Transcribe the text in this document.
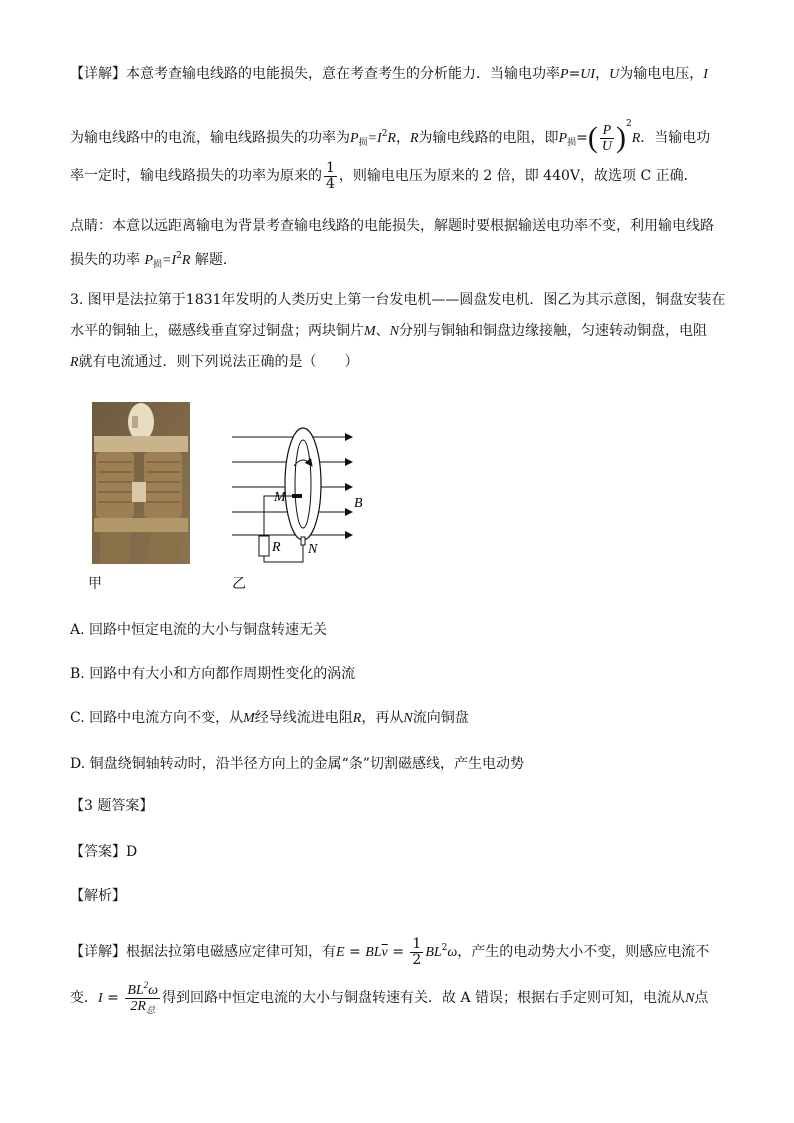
【详解】本意考查输电线路的电能损失，意在考查考生的分析能力．当输电功率P=UI，U为输电电压，I
为输电线路中的电流，输电线路损失的功率为$P_损=I^2R$，R为输电线路的电阻，即$P_损=( \frac{P}{U} )^2R$．当输电功
率一定时，输电线路损失的功率为原来的 $\frac{1}{4}$ ，则输电电压为原来的 2 倍，即 440V，故选项 C 正确．
点睛：本意以远距离输电为背景考查输电线路的电能损失，解题时要根据输送电功率不变，利用输电线路
损失的功率 $P_损=I^2R$ 解题．
3. 图甲是法拉第于1831年发明的人类历史上第一台发电机——圆盘发电机．图乙为其示意图，铜盘安装在
水平的铜轴上，磁感线垂直穿过铜盘；两块铜片M、N分别与铜轴和铜盘边缘接触，匀速转动铜盘，电阻
R就有电流通过．则下列说法正确的是（　　）
甲
M
N
R
B
乙
A. 回路中恒定电流的大小与铜盘转速无关
B. 回路中有大小和方向都作周期性变化的涡流
C. 回路中电流方向不变，从M经导线流进电阻R，再从N流向铜盘
D. 铜盘绕铜轴转动时，沿半径方向上的金属“条”切割磁感线，产生电动势
【3 题答案】
【答案】D
【解析】
【详解】根据法拉第电磁感应定律可知，有$E = BL\overline{v} = \frac{1}{2} BL^2\omega$，产生的电动势大小不变，则感应电流不
变．$I = \frac{BL^2\omega}{2R_总}$ 得到回路中恒定电流的大小与铜盘转速有关．故 A 错误；根据右手定则可知，电流从N点
